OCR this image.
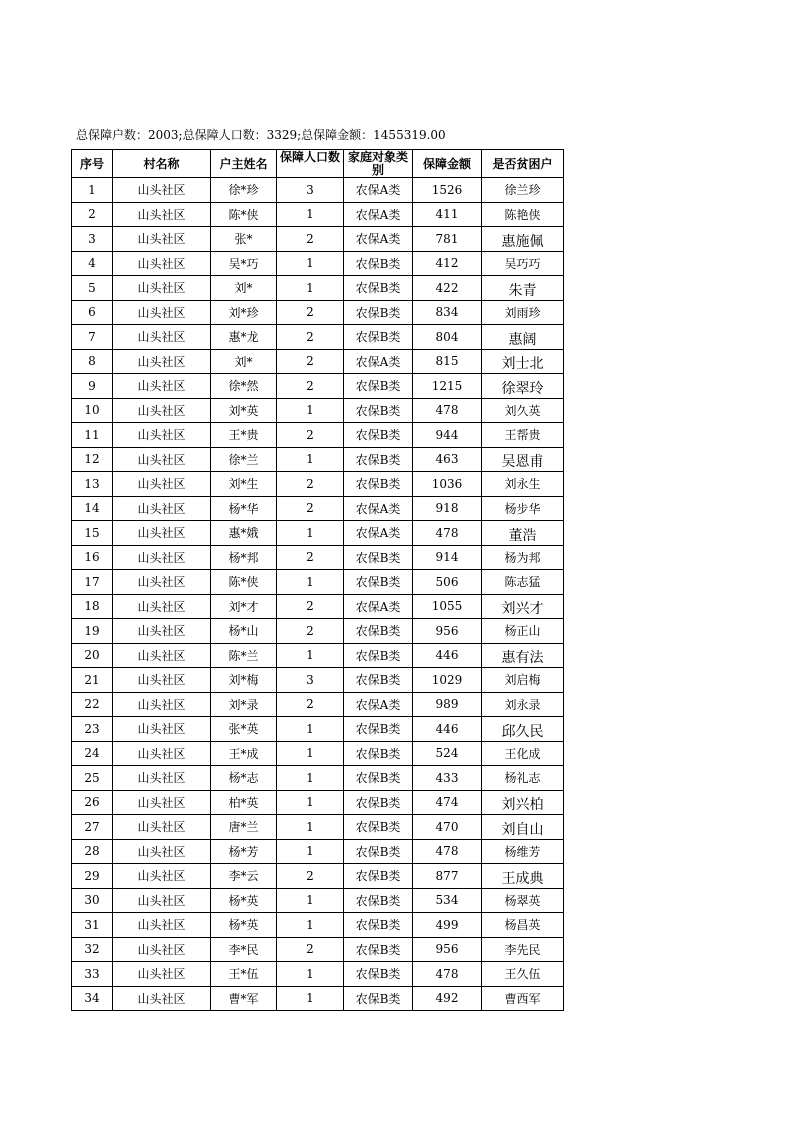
总保障户数：2003;总保障人口数：3329;总保障金额：1455319.00
序号	村名称	户主姓名	保障人口数	家庭对象类别	保障金额	是否贫困户
1	山头社区	徐*珍	3	农保A类	1526	徐兰珍
2	山头社区	陈*侠	1	农保A类	411	陈艳侠
3	山头社区	张*	2	农保A类	781	惠施佩
4	山头社区	吴*巧	1	农保B类	412	吴巧巧
5	山头社区	刘*	1	农保B类	422	朱青
6	山头社区	刘*珍	2	农保B类	834	刘雨珍
7	山头社区	惠*龙	2	农保B类	804	惠阔
8	山头社区	刘*	2	农保A类	815	刘士北
9	山头社区	徐*然	2	农保B类	1215	徐翠玲
10	山头社区	刘*英	1	农保B类	478	刘久英
11	山头社区	王*贵	2	农保B类	944	王帮贵
12	山头社区	徐*兰	1	农保B类	463	吴恩甫
13	山头社区	刘*生	2	农保B类	1036	刘永生
14	山头社区	杨*华	2	农保A类	918	杨步华
15	山头社区	惠*娥	1	农保A类	478	董浩
16	山头社区	杨*邦	2	农保B类	914	杨为邦
17	山头社区	陈*侠	1	农保B类	506	陈志猛
18	山头社区	刘*才	2	农保A类	1055	刘兴才
19	山头社区	杨*山	2	农保B类	956	杨正山
20	山头社区	陈*兰	1	农保B类	446	惠有法
21	山头社区	刘*梅	3	农保B类	1029	刘启梅
22	山头社区	刘*录	2	农保A类	989	刘永录
23	山头社区	张*英	1	农保B类	446	邱久民
24	山头社区	王*成	1	农保B类	524	王化成
25	山头社区	杨*志	1	农保B类	433	杨礼志
26	山头社区	柏*英	1	农保B类	474	刘兴柏
27	山头社区	唐*兰	1	农保B类	470	刘自山
28	山头社区	杨*芳	1	农保B类	478	杨维芳
29	山头社区	李*云	2	农保B类	877	王成典
30	山头社区	杨*英	1	农保B类	534	杨翠英
31	山头社区	杨*英	1	农保B类	499	杨昌英
32	山头社区	李*民	2	农保B类	956	李先民
33	山头社区	王*伍	1	农保B类	478	王久伍
34	山头社区	曹*军	1	农保B类	492	曹西军
